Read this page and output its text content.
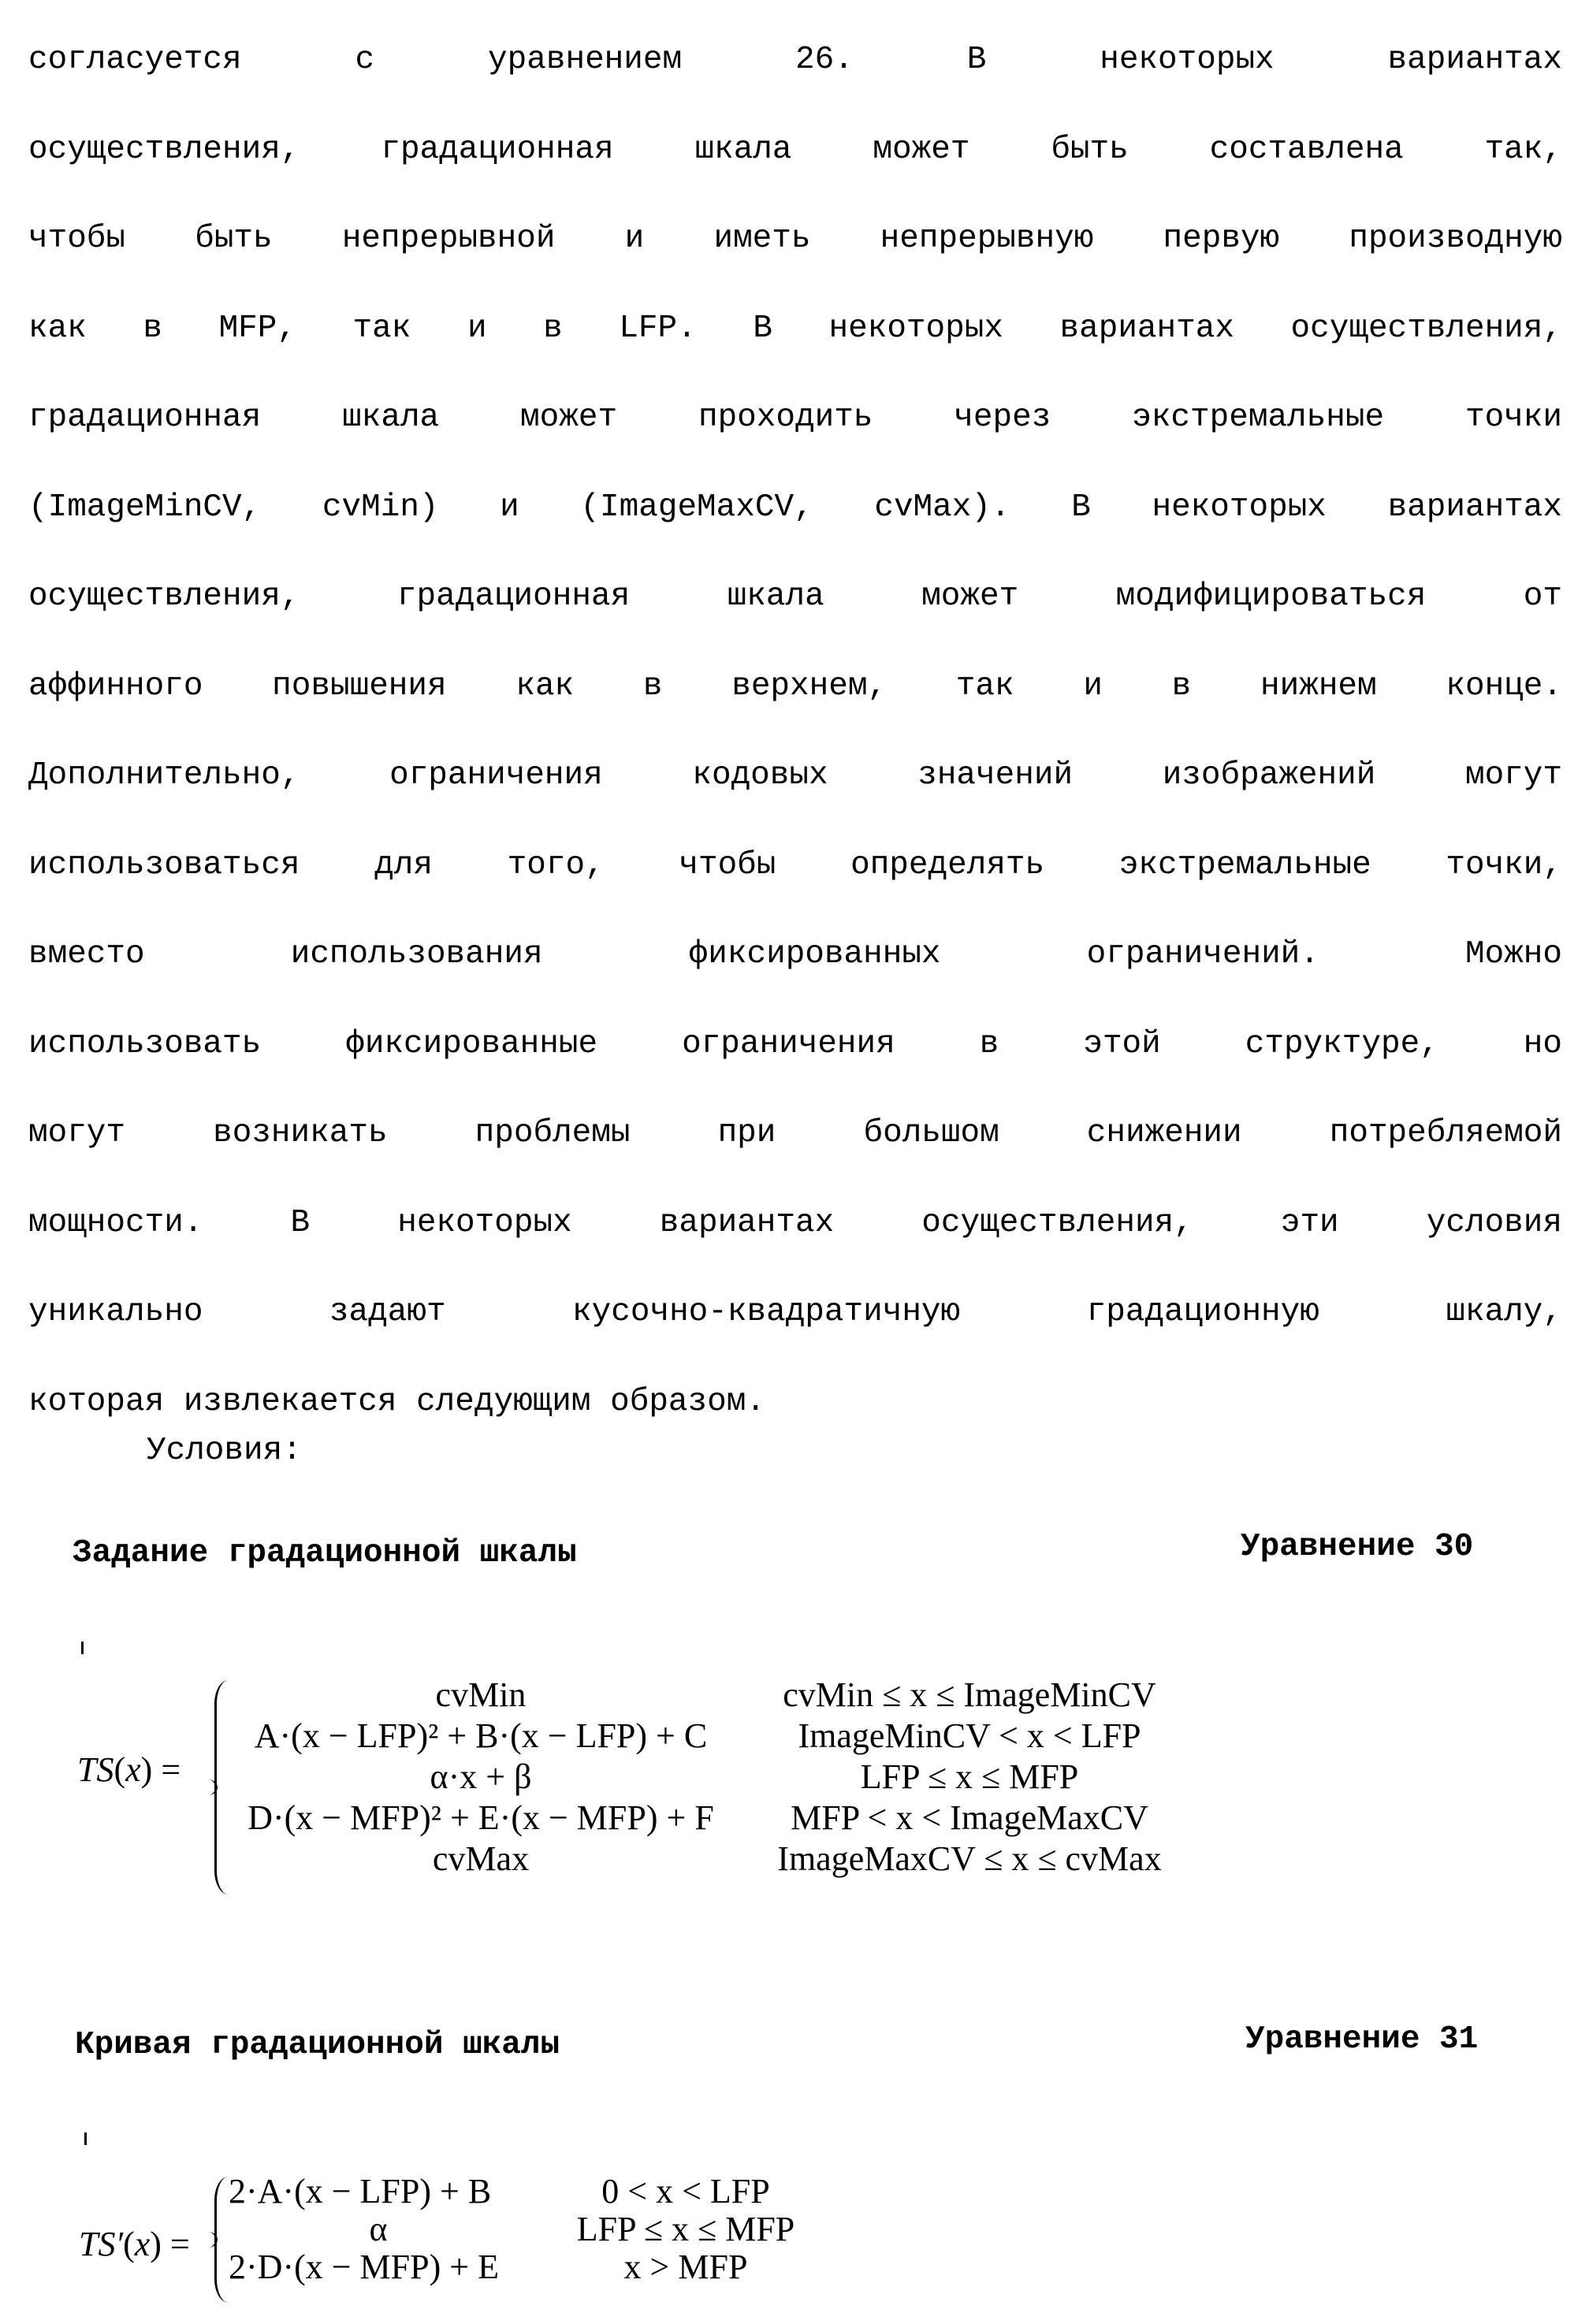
согласуется с уравнением 26. В некоторых вариантах
осуществления, градационная шкала может быть составлена так,
чтобы быть непрерывной и иметь непрерывную первую производную
как в MFP, так и в LFP. В некоторых вариантах осуществления,
градационная шкала может проходить через экстремальные точки
(ImageMinCV, cvMin) и (ImageMaxCV, cvMax). В некоторых вариантах
осуществления, градационная шкала может модифицироваться от
аффинного повышения как в верхнем, так и в нижнем конце.
Дополнительно, ограничения кодовых значений изображений могут
использоваться для того, чтобы определять экстремальные точки,
вместо использования фиксированных ограничений. Можно
использовать фиксированные ограничения в этой структуре, но
могут возникать проблемы при большом снижении потребляемой
мощности. В некоторых вариантах осуществления, эти условия
уникально задают кусочно-квадратичную градационную шкалу,
которая извлекается следующим образом.
Условия:
Задание градационной шкалы	Уравнение 30
TS(x) =
cvMin
A·(x − LFP)² + B·(x − LFP) + C
α·x + β
D·(x − MFP)² + E·(x − MFP) + F
cvMax
cvMin ≤ x ≤ ImageMinCV
ImageMinCV < x < LFP
LFP ≤ x ≤ MFP
MFP < x < ImageMaxCV
ImageMaxCV ≤ x ≤ cvMax
Кривая градационной шкалы	Уравнение 31
TS′(x) =
2·A·(x − LFP) + B
α
2·D·(x − MFP) + E
0 < x < LFP
LFP ≤ x ≤ MFP
x > MFP
